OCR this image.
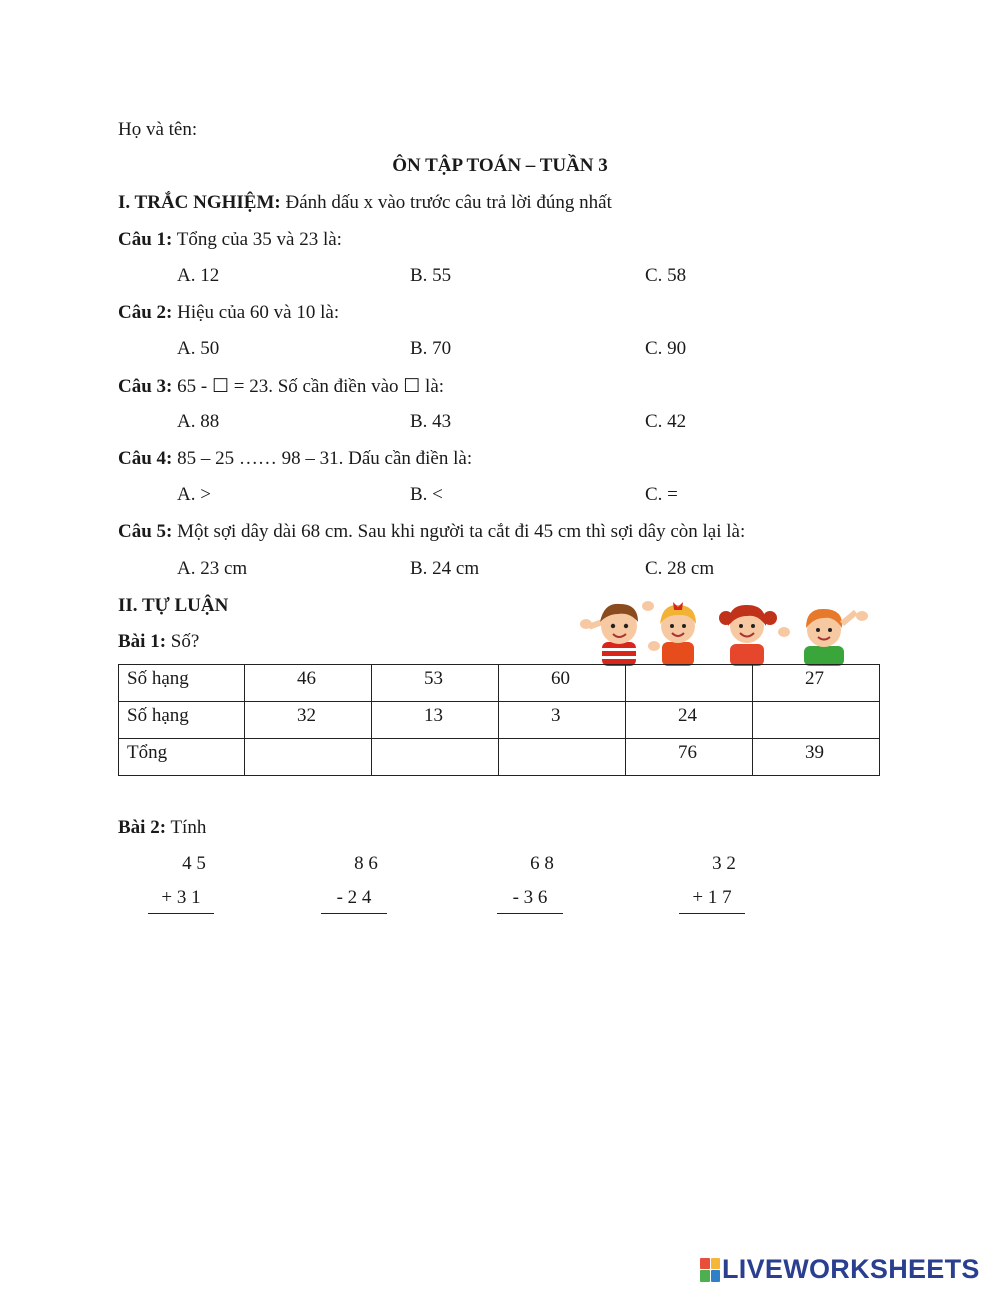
Họ và tên:
ÔN TẬP TOÁN – TUẦN 3
I. TRẮC NGHIỆM: Đánh dấu x vào trước câu trả lời đúng nhất
Câu 1: Tổng của 35 và 23 là:
A. 12	B. 55	C. 58
Câu 2: Hiệu của 60 và 10 là:
A. 50	B. 70	C. 90
Câu 3: 65 - ☐ = 23. Số cần điền vào ☐ là:
A. 88	B. 43	C. 42
Câu 4: 85 – 25 …… 98 – 31. Dấu cần điền là:
A. >	B. <	C. =
Câu 5: Một sợi dây dài 68 cm. Sau khi người ta cắt đi 45 cm thì sợi dây còn lại là:
A. 23 cm	B. 24 cm	C. 28 cm
II. TỰ LUẬN
Bài 1: Số?
Số hạng	46	53	60		27
Số hạng	32	13	3	24	
Tổng				76	39
Bài 2: Tính
4 5
+ 3 1
8 6
- 2 4
6 8
- 3 6
3 2
+ 1 7
LIVEWORKSHEETS
